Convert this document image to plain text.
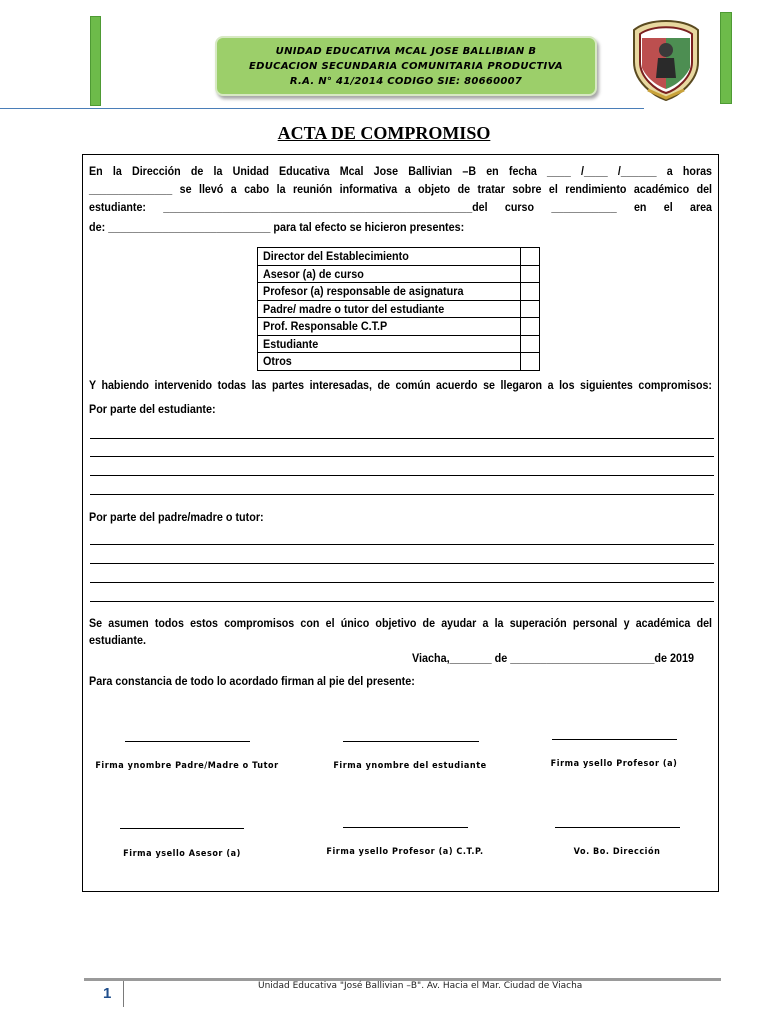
UNIDAD EDUCATIVA MCAL JOSE BALLIBIAN B
EDUCACION SECUNDARIA COMUNITARIA PRODUCTIVA
R.A. N° 41/2014 CODIGO SIE: 80660007
ACTA DE COMPROMISO
En la Dirección de la Unidad Educativa Mcal Jose Ballivian –B en fecha ____ /____ /______ a horas
______________ se llevó a cabo la reunión informativa a objeto de tratar sobre el rendimiento académico del
estudiante: ____________________________________________________del curso ___________ en el area
de: ___________________________ para tal efecto se hicieron presentes:
Director del Establecimiento	
Asesor (a) de curso	
Profesor (a) responsable de asignatura	
Padre/ madre o tutor del estudiante	
Prof. Responsable C.T.P	
Estudiante	
Otros	
Y habiendo intervenido todas las partes interesadas, de común acuerdo se llegaron a los siguientes compromisos:
Por parte del estudiante:
Por parte del padre/madre o tutor:
Se asumen todos estos compromisos con el único objetivo de ayudar a la superación personal y académica del
estudiante.
Viacha,_______ de ________________________de 2019
Para constancia de todo lo acordado firman al pie del presente:
Firma ynombre Padre/Madre o Tutor	Firma ynombre del estudiante	Firma ysello Profesor (a)
Firma ysello Asesor (a)	Firma ysello Profesor (a) C.T.P.	Vo. Bo. Dirección
1	Unidad Educativa "José Ballivian –B". Av. Hacia el Mar. Ciudad de Viacha
